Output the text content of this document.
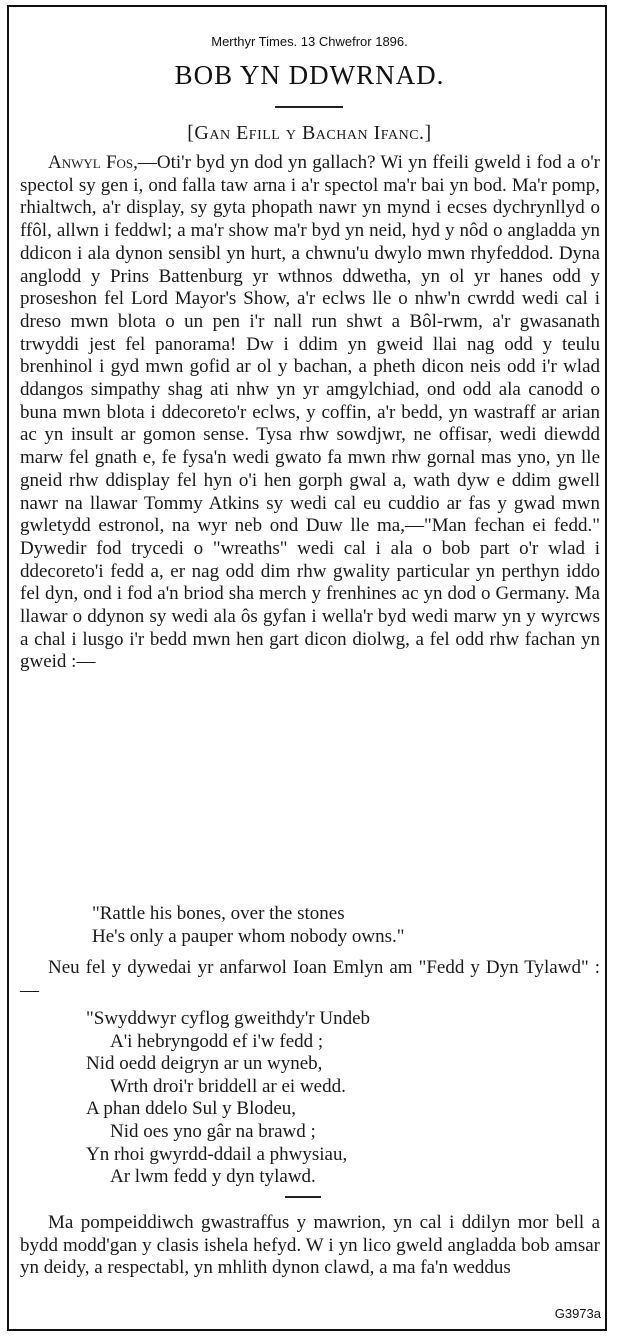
Merthyr Times. 13 Chwefror 1896.
BOB YN DDWRNAD.
[Gan Efill y Bachan Ifanc.]

Anwyl Fos,—Oti'r byd yn dod yn gallach? Wi yn ffeili gweld i fod a o'r spectol sy gen i, ond falla taw arna i a'r spectol ma'r bai yn bod. Ma'r pomp, rhialtwch, a'r display, sy gyta phopath nawr yn mynd i ecses dychrynllyd o ffôl, allwn i feddwl; a ma'r show ma'r byd yn neid, hyd y nôd o angladda yn ddicon i ala dynon sensibl yn hurt, a chwnu'u dwylo mwn rhyfeddod. Dyna anglodd y Prins Battenburg yr wthnos ddwetha, yn ol yr hanes odd y proseshon fel Lord Mayor's Show, a'r eclws lle o nhw'n cwrdd wedi cal i dreso mwn blota o un pen i'r nall run shwt a Bôl-rwm, a'r gwasanath trwyddi jest fel panorama! Dw i ddim yn gweid llai nag odd y teulu brenhinol i gyd mwn gofid ar ol y bachan, a pheth dicon neis odd i'r wlad ddangos simpathy shag ati nhw yn yr amgylchiad, ond odd ala canodd o buna mwn blota i ddecoreto'r eclws, y coffin, a'r bedd, yn wastraff ar arian ac yn insult ar gomon sense. Tysa rhw sowdjwr, ne offisar, wedi diewdd marw fel gnath e, fe fysa'n wedi gwato fa mwn rhw gornal mas yno, yn lle gneid rhw ddisplay fel hyn o'i hen gorph gwal a, wath dyw e ddim gwell nawr na llawar Tommy Atkins sy wedi cal eu cuddio ar fas y gwad mwn gwletydd estronol, na wyr neb ond Duw lle ma,—"Man fechan ei fedd." Dywedir fod trycedi o "wreaths" wedi cal i ala o bob part o'r wlad i ddecoreto'i fedd a, er nag odd dim rhw gwality particular yn perthyn iddo fel dyn, ond i fod a'n briod sha merch y frenhines ac yn dod o Germany. Ma llawar o ddynon sy wedi ala ôs gyfan i wella'r byd wedi marw yn y wyrcws a chal i lusgo i'r bedd mwn hen gart dicon diolwg, a fel odd rhw fachan yn gweid :—

"Rattle his bones, over the stones
He's only a pauper whom nobody owns."

Neu fel y dywedai yr anfarwol Ioan Emlyn am "Fedd y Dyn Tylawd" :—

"Swyddwyr cyflog gweithdy'r Undeb
A'i hebryngodd ef i'w fedd ;
Nid oedd deigryn ar un wyneb,
Wrth droi'r briddell ar ei wedd.
A phan ddelo Sul y Blodeu,
Nid oes yno gâr na brawd ;
Yn rhoi gwyrdd-ddail a phwysiau,
Ar lwm fedd y dyn tylawd.

Ma pompeiddiwch gwastraffus y mawrion, yn cal i ddilyn mor bell a bydd modd'gan y clasis ishela hefyd. W i yn lico gweld angladda bob amsar yn deidy, a respectabl, yn mhlith dynon clawd, a ma fa'n weddus

G3973a
